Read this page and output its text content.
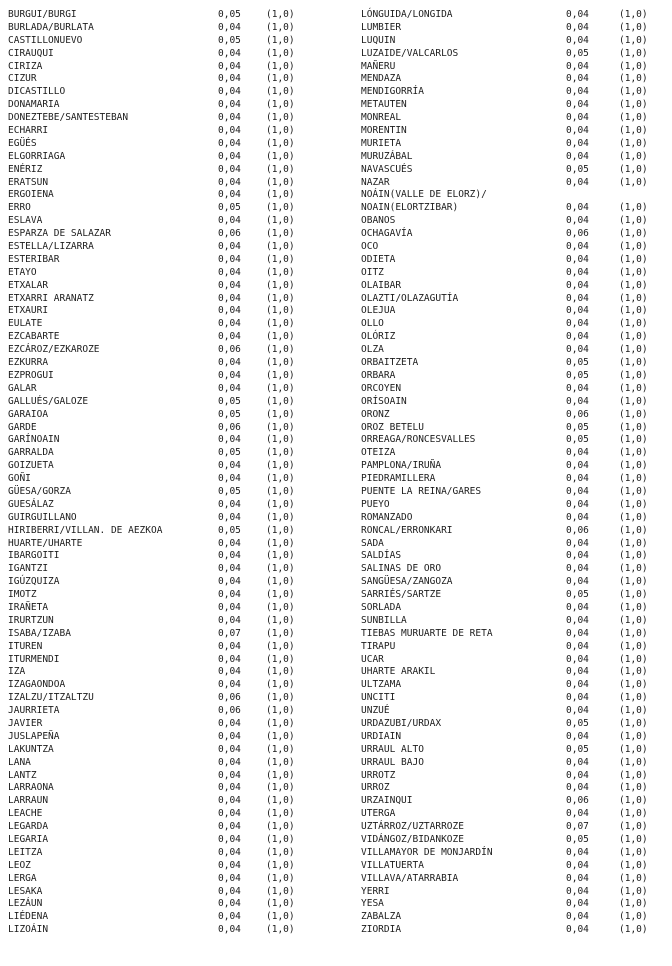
BURGUI/BURGI	0,05	(1,0)
BURLADA/BURLATA	0,04	(1,0)
CASTILLONUEVO	0,05	(1,0)
CIRAUQUI	0,04	(1,0)
CIRIZA	0,04	(1,0)
CIZUR	0,04	(1,0)
DICASTILLO	0,04	(1,0)
DONAMARIA	0,04	(1,0)
DONEZTEBE/SANTESTEBAN	0,04	(1,0)
ECHARRI	0,04	(1,0)
EGÜÉS	0,04	(1,0)
ELGORRIAGA	0,04	(1,0)
ENÉRIZ	0,04	(1,0)
ERATSUN	0,04	(1,0)
ERGOIENA	0,04	(1,0)
ERRO	0,05	(1,0)
ESLAVA	0,04	(1,0)
ESPARZA DE SALAZAR	0,06	(1,0)
ESTELLA/LIZARRA	0,04	(1,0)
ESTERIBAR	0,04	(1,0)
ETAYO	0,04	(1,0)
ETXALAR	0,04	(1,0)
ETXARRI ARANATZ	0,04	(1,0)
ETXAURI	0,04	(1,0)
EULATE	0,04	(1,0)
EZCABARTE	0,04	(1,0)
EZCÁROZ/EZKAROZE	0,06	(1,0)
EZKURRA	0,04	(1,0)
EZPROGUI	0,04	(1,0)
GALAR	0,04	(1,0)
GALLUÉS/GALOZE	0,05	(1,0)
GARAIOA	0,05	(1,0)
GARDE	0,06	(1,0)
GARÍNOAIN	0,04	(1,0)
GARRALDA	0,05	(1,0)
GOIZUETA	0,04	(1,0)
GOÑI	0,04	(1,0)
GÜESA/GORZA	0,05	(1,0)
GUESÁLAZ	0,04	(1,0)
GUIRGUILLANO	0,04	(1,0)
HIRIBERRI/VILLAN. DE AEZKOA	0,05	(1,0)
HUARTE/UHARTE	0,04	(1,0)
IBARGOITI	0,04	(1,0)
IGANTZI	0,04	(1,0)
IGÚZQUIZA	0,04	(1,0)
IMOTZ	0,04	(1,0)
IRAÑETA	0,04	(1,0)
IRURTZUN	0,04	(1,0)
ISABA/IZABA	0,07	(1,0)
ITUREN	0,04	(1,0)
ITURMENDI	0,04	(1,0)
IZA	0,04	(1,0)
IZAGAONDOA	0,04	(1,0)
IZALZU/ITZALTZU	0,06	(1,0)
JAURRIETA	0,06	(1,0)
JAVIER	0,04	(1,0)
JUSLAPEÑA	0,04	(1,0)
LAKUNTZA	0,04	(1,0)
LANA	0,04	(1,0)
LANTZ	0,04	(1,0)
LARRAONA	0,04	(1,0)
LARRAUN	0,04	(1,0)
LEACHE	0,04	(1,0)
LEGARDA	0,04	(1,0)
LEGARIA	0,04	(1,0)
LEITZA	0,04	(1,0)
LEOZ	0,04	(1,0)
LERGA	0,04	(1,0)
LESAKA	0,04	(1,0)
LEZÁUN	0,04	(1,0)
LIÉDENA	0,04	(1,0)
LIZOÁIN	0,04	(1,0)
LÓNGUIDA/LONGIDA	0,04	(1,0)
LUMBIER	0,04	(1,0)
LUQUIN	0,04	(1,0)
LUZAIDE/VALCARLOS	0,05	(1,0)
MAÑERU	0,04	(1,0)
MENDAZA	0,04	(1,0)
MENDIGORRÍA	0,04	(1,0)
METAUTEN	0,04	(1,0)
MONREAL	0,04	(1,0)
MORENTIN	0,04	(1,0)
MURIETA	0,04	(1,0)
MURUZÁBAL	0,04	(1,0)
NAVASCUÉS	0,05	(1,0)
NAZAR	0,04	(1,0)
NOÁIN(VALLE DE ELORZ)/
NOAIN(ELORTZIBAR)	0,04	(1,0)
OBANOS	0,04	(1,0)
OCHAGAVÍA	0,06	(1,0)
OCO	0,04	(1,0)
ODIETA	0,04	(1,0)
OITZ	0,04	(1,0)
OLAIBAR	0,04	(1,0)
OLAZTI/OLAZAGUTÍA	0,04	(1,0)
OLEJUA	0,04	(1,0)
OLLO	0,04	(1,0)
OLÓRIZ	0,04	(1,0)
OLZA	0,04	(1,0)
ORBAITZETA	0,05	(1,0)
ORBARA	0,05	(1,0)
ORCOYEN	0,04	(1,0)
ORÍSOAIN	0,04	(1,0)
ORONZ	0,06	(1,0)
OROZ BETELU	0,05	(1,0)
ORREAGA/RONCESVALLES	0,05	(1,0)
OTEIZA	0,04	(1,0)
PAMPLONA/IRUÑA	0,04	(1,0)
PIEDRAMILLERA	0,04	(1,0)
PUENTE LA REINA/GARES	0,04	(1,0)
PUEYO	0,04	(1,0)
ROMANZADO	0,04	(1,0)
RONCAL/ERRONKARI	0,06	(1,0)
SADA	0,04	(1,0)
SALDÍAS	0,04	(1,0)
SALINAS DE ORO	0,04	(1,0)
SANGÜESA/ZANGOZA	0,04	(1,0)
SARRIÉS/SARTZE	0,05	(1,0)
SORLADA	0,04	(1,0)
SUNBILLA	0,04	(1,0)
TIEBAS MURUARTE DE RETA	0,04	(1,0)
TIRAPU	0,04	(1,0)
UCAR	0,04	(1,0)
UHARTE ARAKIL	0,04	(1,0)
ULTZAMA	0,04	(1,0)
UNCITI	0,04	(1,0)
UNZUÉ	0,04	(1,0)
URDAZUBI/URDAX	0,05	(1,0)
URDIAIN	0,04	(1,0)
URRAUL ALTO	0,05	(1,0)
URRAUL BAJO	0,04	(1,0)
URROTZ	0,04	(1,0)
URROZ	0,04	(1,0)
URZAINQUI	0,06	(1,0)
UTERGA	0,04	(1,0)
UZTÁRROZ/UZTARROZE	0,07	(1,0)
VIDÁNGOZ/BIDANKOZE	0,05	(1,0)
VILLAMAYOR DE MONJARDÍN	0,04	(1,0)
VILLATUERTA	0,04	(1,0)
VILLAVA/ATARRABIA	0,04	(1,0)
YERRI	0,04	(1,0)
YESA	0,04	(1,0)
ZABALZA	0,04	(1,0)
ZIORDIA	0,04	(1,0)
